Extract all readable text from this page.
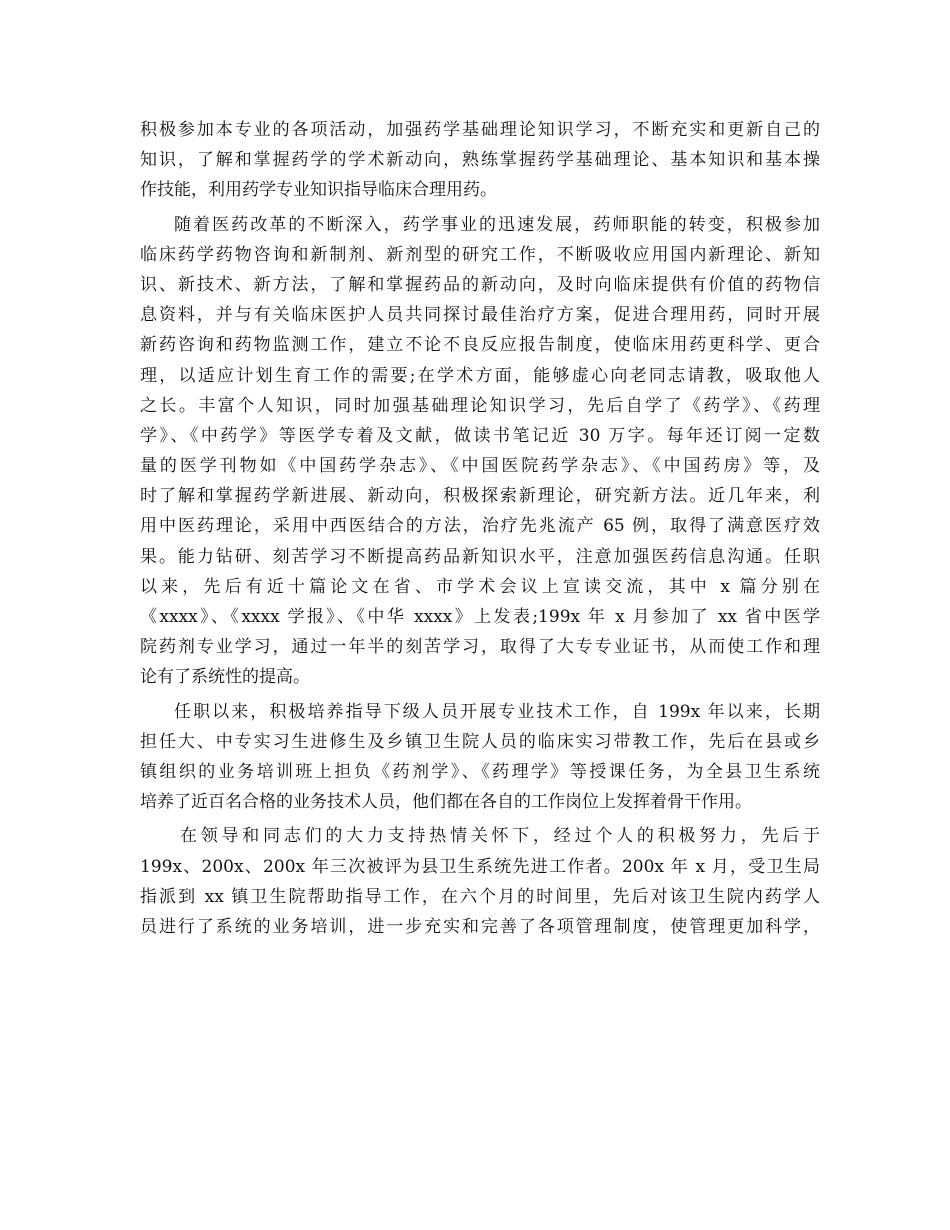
积极参加本专业的各项活动，加强药学基础理论知识学习，不断充实和更新自己的
知识，了解和掌握药学的学术新动向，熟练掌握药学基础理论、基本知识和基本操
作技能，利用药学专业知识指导临床合理用药。
随着医药改革的不断深入，药学事业的迅速发展，药师职能的转变，积极参加
临床药学药物咨询和新制剂、新剂型的研究工作，不断吸收应用国内新理论、新知
识、新技术、新方法，了解和掌握药品的新动向，及时向临床提供有价值的药物信
息资料，并与有关临床医护人员共同探讨最佳治疗方案，促进合理用药，同时开展
新药咨询和药物监测工作，建立不论不良反应报告制度，使临床用药更科学、更合
理，以适应计划生育工作的需要;在学术方面，能够虚心向老同志请教，吸取他人
之长。丰富个人知识，同时加强基础理论知识学习，先后自学了《药学》、《药理
学》、《中药学》等医学专着及文献，做读书笔记近 30 万字。每年还订阅一定数
量的医学刊物如《中国药学杂志》、《中国医院药学杂志》、《中国药房》等，及
时了解和掌握药学新进展、新动向，积极探索新理论，研究新方法。近几年来，利
用中医药理论，采用中西医结合的方法，治疗先兆流产 65 例，取得了满意医疗效
果。能力钻研、刻苦学习不断提高药品新知识水平，注意加强医药信息沟通。任职
以来，先后有近十篇论文在省、市学术会议上宣读交流，其中 x 篇分别在
《xxxx》、《xxxx 学报》、《中华 xxxx》上发表;199x 年 x 月参加了 xx 省中医学
院药剂专业学习，通过一年半的刻苦学习，取得了大专专业证书，从而使工作和理
论有了系统性的提高。
任职以来，积极培养指导下级人员开展专业技术工作，自 199x 年以来，长期
担任大、中专实习生进修生及乡镇卫生院人员的临床实习带教工作，先后在县或乡
镇组织的业务培训班上担负《药剂学》、《药理学》等授课任务，为全县卫生系统
培养了近百名合格的业务技术人员，他们都在各自的工作岗位上发挥着骨干作用。
在领导和同志们的大力支持热情关怀下，经过个人的积极努力，先后于
199x、200x、200x 年三次被评为县卫生系统先进工作者。200x 年 x 月，受卫生局
指派到 xx 镇卫生院帮助指导工作，在六个月的时间里，先后对该卫生院内药学人
员进行了系统的业务培训，进一步充实和完善了各项管理制度，使管理更加科学，
